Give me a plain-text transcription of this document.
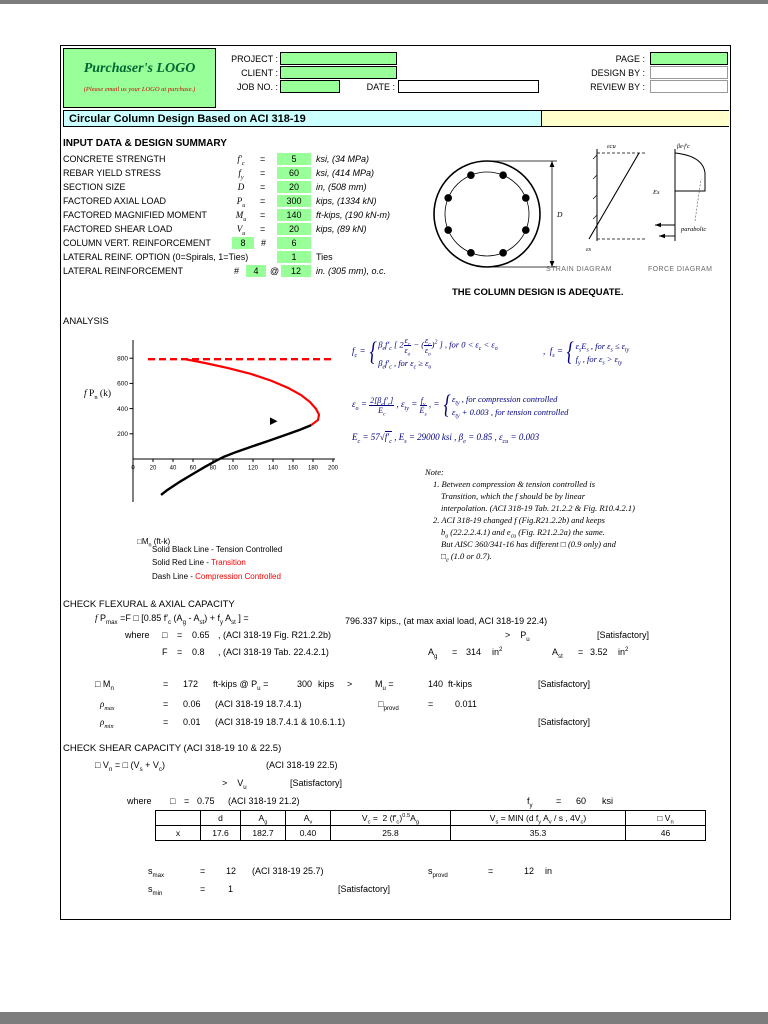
Purchaser's LOGO
(Please email us your LOGO at purchase.)
PROJECT :
CLIENT :
JOB NO. :	DATE :
PAGE :
DESIGN BY :
REVIEW BY :
Circular Column Design Based on ACI 318-19
INPUT DATA & DESIGN SUMMARY
CONCRETE STRENGTH	$f'_c$	=	5	ksi, (34 MPa)
REBAR YIELD STRESS	$f_y$	=	60	ksi, (414 MPa)
SECTION SIZE	D	=	20	in, (508 mm)
FACTORED AXIAL LOAD	$P_u$	=	300	kips, (1334 kN)
FACTORED MAGNIFIED MOMENT	$M_u$	=	140	ft-kips, (190 kN-m)
FACTORED SHEAR LOAD	$V_u$	=	20	kips, (89 kN)
COLUMN VERT. REINFORCEMENT	8	#	6
LATERAL REINF. OPTION (0=Spirals, 1=Ties)	1	Ties
LATERAL REINFORCEMENT	#	4	@	12	in. (305 mm), o.c.
THE COLUMN DESIGN IS ADEQUATE.
D
εcu
εs
Es
βe·f′c
parabolic
STRAIN DIAGRAM	FORCE DIAGRAM
ANALYSIS
f $P_n$ (k)
200
400
600
800
0 20 40 60 80 100 120 140 160 180 200
$□M_n$ (ft-k)
Solid Black Line - Tension Controlled
Solid Red Line - Transition
Dash Line - Compression Controlled
$f_c$ = { $\beta_ef'_c$ [ $2 \frac{\varepsilon_c}{\varepsilon_o}$ − ( $\frac{\varepsilon_c}{\varepsilon_o} )^2$ ] , for $0 < \varepsilon_c < \varepsilon_o$
$\beta_ef'_c$ , for $\varepsilon_c \ge \varepsilon_o$
,  $f_s$ = { $\varepsilon_sE_s$ , for $\varepsilon_s \le \varepsilon_{ty}$
$f_y$ , for $\varepsilon_s > \varepsilon_{ty}$
$\varepsilon_o = \frac{2[\beta_ef'_c]}{E_c}$ , $\varepsilon_{ty} = \frac{f_y}{E_s}$ , = { $\varepsilon_{ty}$ , for compression controlled
$\varepsilon_{ty} + 0.003$ , for tension controlled
$E_c = 57√f'_c$ , $E_s = 29000$ ksi , $\beta_e = 0.85$ , $\varepsilon_{cu} = 0.003$
Note:
1. Between compression & tension controlled is
Transition, which the f should be by linear
interpolation. (ACI 318-19 Tab. 21.2.2 & Fig. R10.4.2.1)
2. ACI 318-19 changed f (Fig.R21.2.2b) and keeps
$b_u$ (22.2.2.4.1) and $e_{cu}$ (Fig. R21.2.2a) the same.
But AISC 360/341-16 has different □ (0.9 only) and
$□_e$ (1.0 or 0.7).
CHECK FLEXURAL & AXIAL CAPACITY
f $P_{max} =F$ □ [0.85 $f'_c$ $(A_g - A_{st}) + f_y$ $A_{st}$ ] =	796.337 kips., (at max axial load, ACI 318-19 22.4)
where □ = 0.65 , (ACI 318-19 Fig. R21.2.2b)	>    $P_u$	[Satisfactory]
F = 0.8 , (ACI 318-19 Tab. 22.4.2.1)	$A_g = 314$ $in^2$	$A_{st} = 3.52$ $in^2$
□ $M_n$	= 172 ft-kips @ $P_u$ =	300 kips >	$M_u$ =	140 ft-kips	[Satisfactory]
$\rho_{max}$	= 0.06 (ACI 318-19 18.7.4.1)	$□_{provd}$	= 0.011
$\rho_{min}$	= 0.01 (ACI 318-19 18.7.4.1 & 10.6.1.1)	[Satisfactory]
CHECK SHEAR CAPACITY (ACI 318-19 10 & 22.5)
□ $V_n$ = □ $(V_s + V_c)$	(ACI 318-19 22.5)
>    $V_u$	[Satisfactory]
where □ = 0.75 (ACI 318-19 21.2)	$f_y$	= 60 ksi
	d	$A_g$	$A_v$	$V_c = 2$ $(f'_c)^{0.5}A_g$	$V_s$ = MIN (d $f_y$ $A_v$ / s , $4V_c$)	□ $V_n$
x	17.6	182.7	0.40	25.8	35.3	46
$s_{max}$	= 12 (ACI 318-19 25.7)	$s_{provd}$	=	12 in
$s_{min}$	=	1	[Satisfactory]
